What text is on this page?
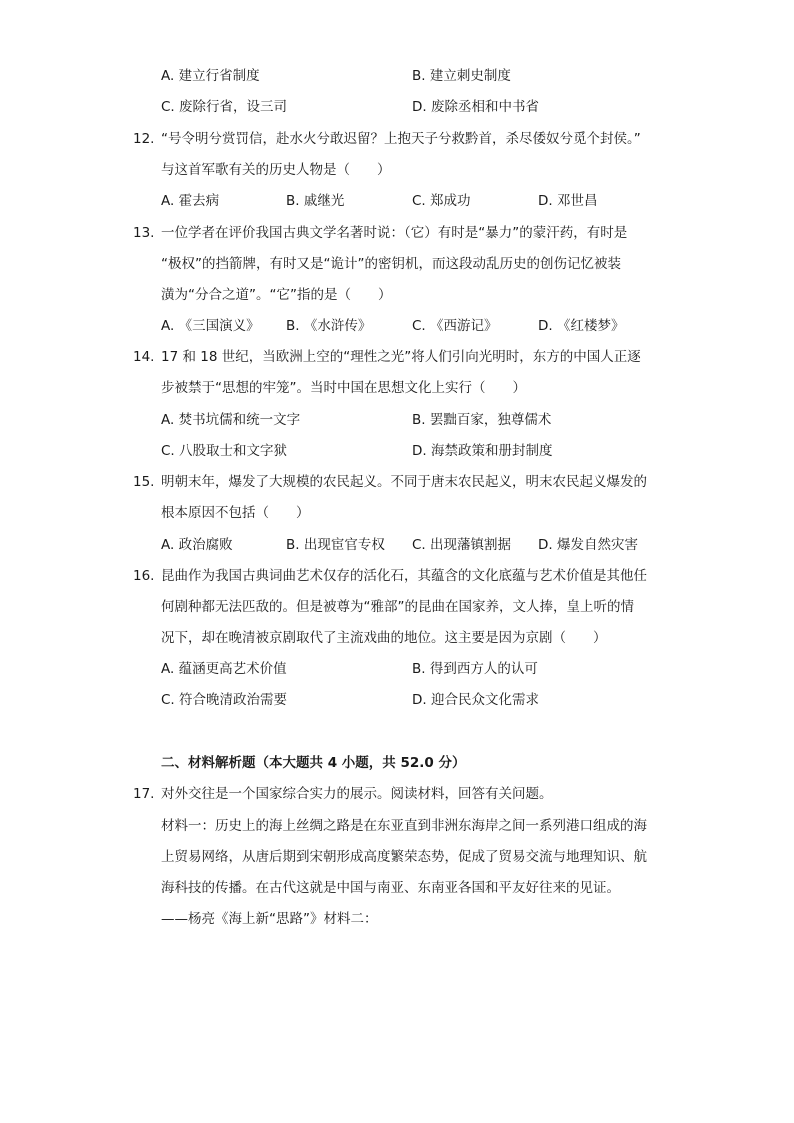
A. 建立行省制度	B. 建立刺史制度
C. 废除行省，设三司	D. 废除丞相和中书省
12. “号令明兮赏罚信，赴水火兮敢迟留？上抱天子兮救黔首，杀尽倭奴兮觅个封侯。”
与这首军歌有关的历史人物是（　　）
A. 霍去病	B. 戚继光	C. 郑成功	D. 邓世昌
13. 一位学者在评价我国古典文学名著时说：（它）有时是“暴力”的蒙汗药，有时是
“极权”的挡箭牌，有时又是“诡计”的密钥机，而这段动乱历史的创伤记忆被装
潢为“分合之道”。“它”指的是（　　）
A. 《三国演义》 B. 《水浒传》	C. 《西游记》	D. 《红楼梦》
14. 17 和 18 世纪，当欧洲上空的“理性之光”将人们引向光明时，东方的中国人正逐
步被禁于“思想的牢笼”。当时中国在思想文化上实行（　　）
A. 焚书坑儒和统一文字	B. 罢黜百家，独尊儒术
C. 八股取士和文字狱	D. 海禁政策和册封制度
15. 明朝末年，爆发了大规模的农民起义。不同于唐末农民起义，明末农民起义爆发的
根本原因不包括（　　）
A. 政治腐败	B. 出现宦官专权 C. 出现藩镇割据 D. 爆发自然灾害
16. 昆曲作为我国古典词曲艺术仅存的活化石，其蕴含的文化底蕴与艺术价值是其他任
何剧种都无法匹敌的。但是被尊为“雅部”的昆曲在国家养，文人捧，皇上听的情
况下，却在晚清被京剧取代了主流戏曲的地位。这主要是因为京剧（　　）
A. 蕴涵更高艺术价值	B. 得到西方人的认可
C. 符合晚清政治需要	D. 迎合民众文化需求
二、材料解析题（本大题共 4 小题，共 52.0 分）
17. 对外交往是一个国家综合实力的展示。阅读材料，回答有关问题。
材料一：历史上的海上丝绸之路是在东亚直到非洲东海岸之间一系列港口组成的海
上贸易网络，从唐后期到宋朝形成高度繁荣态势，促成了贸易交流与地理知识、航
海科技的传播。在古代这就是中国与南亚、东南亚各国和平友好往来的见证。
——杨亮《海上新“思路”》材料二：
